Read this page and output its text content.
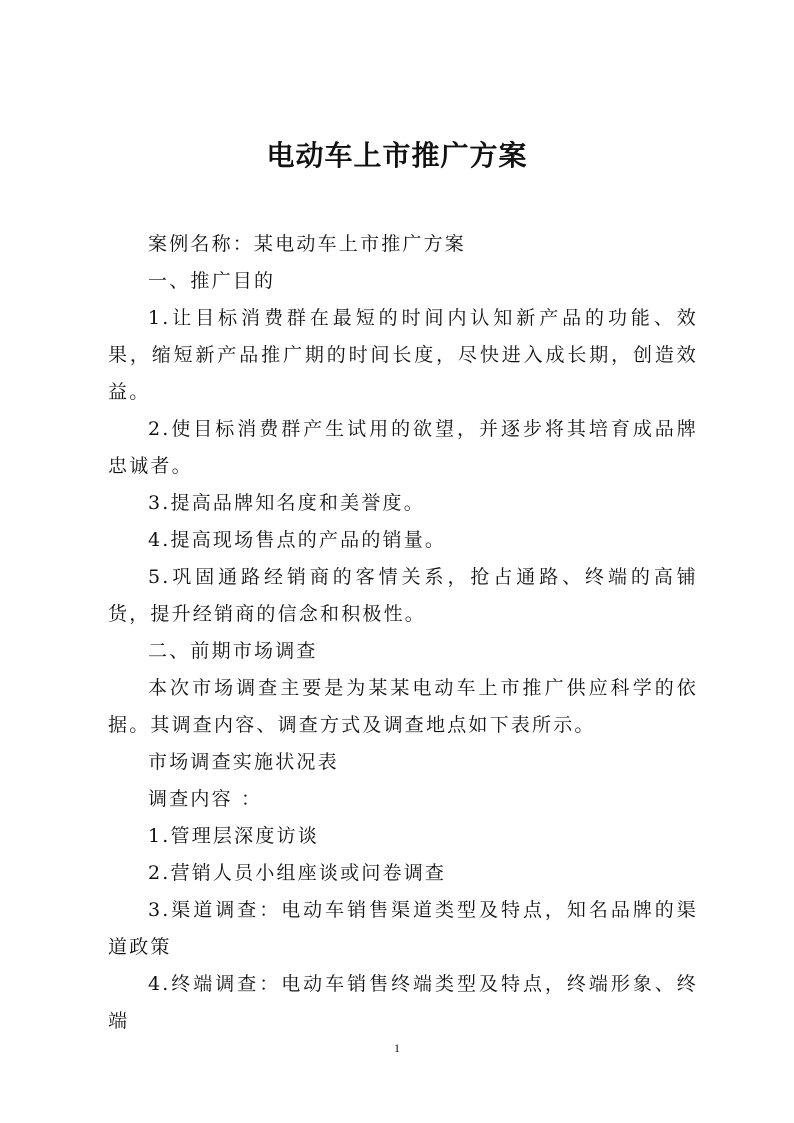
电动车上市推广方案

案例名称：某电动车上市推广方案

一、推广目的

1.让目标消费群在最短的时间内认知新产品的功能、效果，缩短新产品推广期的时间长度，尽快进入成长期，创造效益。

2.使目标消费群产生试用的欲望，并逐步将其培育成品牌忠诚者。

3.提高品牌知名度和美誉度。

4.提高现场售点的产品的销量。

5.巩固通路经销商的客情关系，抢占通路、终端的高铺货，提升经销商的信念和积极性。

二、前期市场调查

本次市场调查主要是为某某电动车上市推广供应科学的依据。其调查内容、调查方式及调查地点如下表所示。

市场调查实施状况表

调查内容 ：

1.管理层深度访谈

2.营销人员小组座谈或问卷调查

3.渠道调查：电动车销售渠道类型及特点，知名品牌的渠道政策

4.终端调查：电动车销售终端类型及特点，终端形象、终端

1
